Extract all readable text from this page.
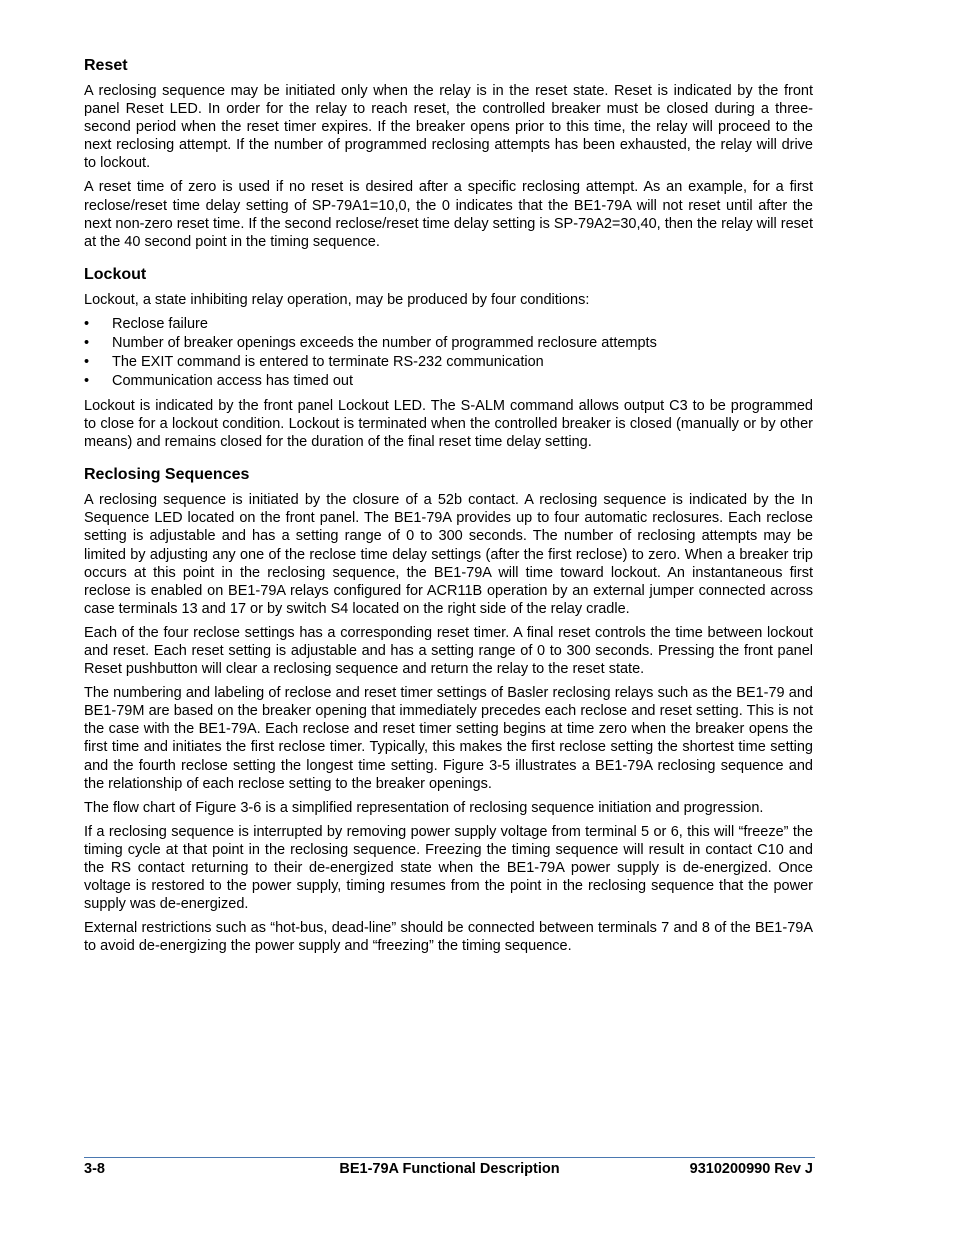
Reset

A reclosing sequence may be initiated only when the relay is in the reset state. Reset is indicated by the front panel Reset LED. In order for the relay to reach reset, the controlled breaker must be closed during a three-second period when the reset timer expires. If the breaker opens prior to this time, the relay will proceed to the next reclosing attempt. If the number of programmed reclosing attempts has been exhausted, the relay will drive to lockout.

A reset time of zero is used if no reset is desired after a specific reclosing attempt. As an example, for a first reclose/reset time delay setting of SP-79A1=10,0, the 0 indicates that the BE1-79A will not reset until after the next non-zero reset time. If the second reclose/reset time delay setting is SP-79A2=30,40, then the relay will reset at the 40 second point in the timing sequence.

Lockout

Lockout, a state inhibiting relay operation, may be produced by four conditions:

•	Reclose failure
•	Number of breaker openings exceeds the number of programmed reclosure attempts
•	The EXIT command is entered to terminate RS-232 communication
•	Communication access has timed out

Lockout is indicated by the front panel Lockout LED. The S-ALM command allows output C3 to be programmed to close for a lockout condition. Lockout is terminated when the controlled breaker is closed (manually or by other means) and remains closed for the duration of the final reset time delay setting.

Reclosing Sequences

A reclosing sequence is initiated by the closure of a 52b contact. A reclosing sequence is indicated by the In Sequence LED located on the front panel. The BE1-79A provides up to four automatic reclosures. Each reclose setting is adjustable and has a setting range of 0 to 300 seconds. The number of reclosing attempts may be limited by adjusting any one of the reclose time delay settings (after the first reclose) to zero. When a breaker trip occurs at this point in the reclosing sequence, the BE1-79A will time toward lockout. An instantaneous first reclose is enabled on BE1-79A relays configured for ACR11B operation by an external jumper connected across case terminals 13 and 17 or by switch S4 located on the right side of the relay cradle.

Each of the four reclose settings has a corresponding reset timer. A final reset controls the time between lockout and reset. Each reset setting is adjustable and has a setting range of 0 to 300 seconds. Pressing the front panel Reset pushbutton will clear a reclosing sequence and return the relay to the reset state.

The numbering and labeling of reclose and reset timer settings of Basler reclosing relays such as the BE1-79 and BE1-79M are based on the breaker opening that immediately precedes each reclose and reset setting. This is not the case with the BE1-79A. Each reclose and reset timer setting begins at time zero when the breaker opens the first time and initiates the first reclose timer. Typically, this makes the first reclose setting the shortest time setting and the fourth reclose setting the longest time setting. Figure 3-5 illustrates a BE1-79A reclosing sequence and the relationship of each reclose setting to the breaker openings.

The flow chart of Figure 3-6 is a simplified representation of reclosing sequence initiation and progression.

If a reclosing sequence is interrupted by removing power supply voltage from terminal 5 or 6, this will “freeze” the timing cycle at that point in the reclosing sequence. Freezing the timing sequence will result in contact C10 and the RS contact returning to their de-energized state when the BE1-79A power supply is de-energized. Once voltage is restored to the power supply, timing resumes from the point in the reclosing sequence that the power supply was de-energized.

External restrictions such as “hot-bus, dead-line” should be connected between terminals 7 and 8 of the BE1-79A to avoid de-energizing the power supply and “freezing” the timing sequence.

3-8	BE1-79A Functional Description	9310200990 Rev J
